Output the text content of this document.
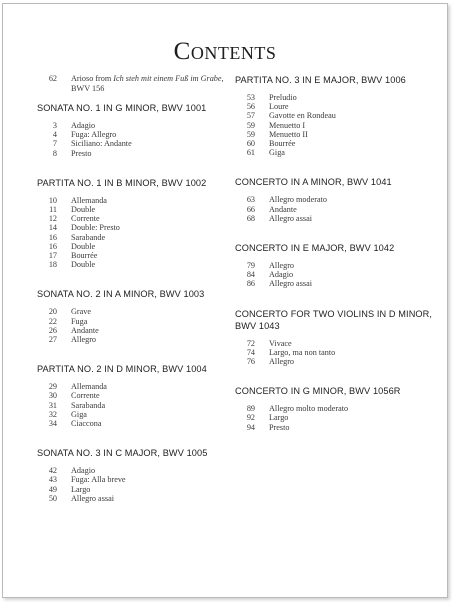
Contents
62 Arioso from Ich steh mit einem Fuß im Grabe, BWV 156
SONATA NO. 1 IN G MINOR, BWV 1001
3 Adagio
4 Fuga: Allegro
7 Siciliano: Andante
8 Presto
PARTITA NO. 1 IN B MINOR, BWV 1002
10 Allemanda
11 Double
12 Corrente
14 Double: Presto
16 Sarabande
16 Double
17 Bourrée
18 Double
SONATA NO. 2 IN A MINOR, BWV 1003
20 Grave
22 Fuga
26 Andante
27 Allegro
PARTITA NO. 2 IN D MINOR, BWV 1004
29 Allemanda
30 Corrente
31 Sarabanda
32 Giga
34 Ciaccona
SONATA NO. 3 IN C MAJOR, BWV 1005
42 Adagio
43 Fuga: Alla breve
49 Largo
50 Allegro assai
PARTITA NO. 3 IN E MAJOR, BWV 1006
53 Preludio
56 Loure
57 Gavotte en Rondeau
59 Menuetto I
59 Menuetto II
60 Bourrée
61 Giga
CONCERTO IN A MINOR, BWV 1041
63 Allegro moderato
66 Andante
68 Allegro assai
CONCERTO IN E MAJOR, BWV 1042
79 Allegro
84 Adagio
86 Allegro assai
CONCERTO FOR TWO VIOLINS IN D MINOR, BWV 1043
72 Vivace
74 Largo, ma non tanto
76 Allegro
CONCERTO IN G MINOR, BWV 1056R
89 Allegro molto moderato
92 Largo
94 Presto
